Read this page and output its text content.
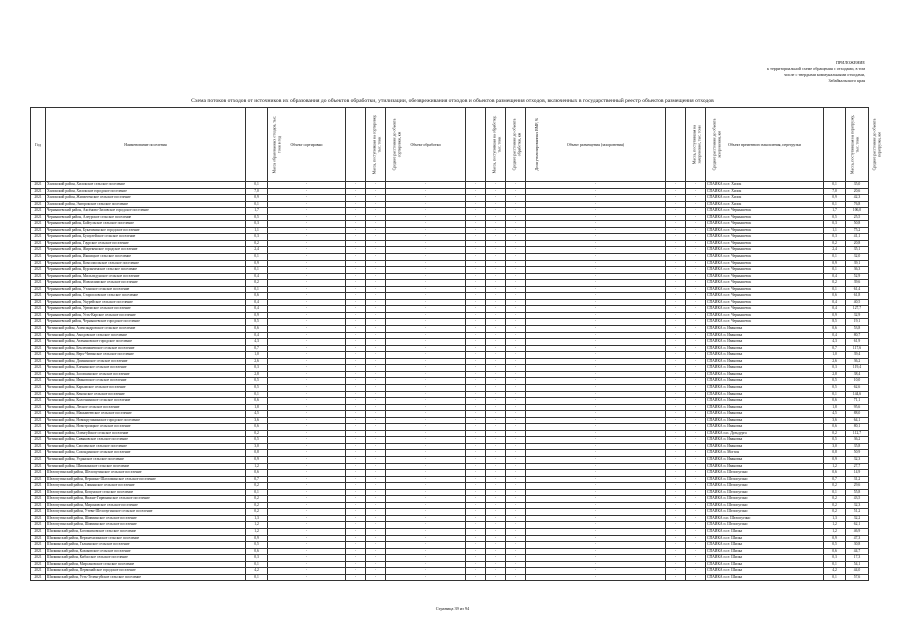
ПРИЛОЖЕНИЕ
к территориальной схеме обращения с отходами, в том
числе с твердыми коммунальными отходами,
Забайкальского края
Схема потоков отходов от источников их образования до объектов обработки, утилизации, обезвреживания отходов и объектов размещения отходов, включенных в государственный реестр объектов размещения отходов
Год	Наименование поселения	Масса образованных отходов, тыс. тонн в год	Объект сортировки	Масса, поступившая на сортировку, тыс. тонн	Среднее расстояние до объекта сортировки, км	Объект обработки	Масса, поступившая на обработку, тыс. тонн	Среднее расстояние до объекта обработки, км	Доля утилизированных ВМР, %	Объект размещения (захоронения)	Масса, поступившая на захоронение, тыс. тонн	Среднее расстояние до объекта захоронения, км	Объект временного накопления, перегрузки	Масса, поступившая на перегрузку, тыс. тонн	Среднее расстояние до объекта перегрузки, км
2021	Хилокский район, Хилокское сельское поселение	0,1	-	-	-	-	-	-	-	-	-	-	СПАЙКА п.ст. Хилок	0,1	35,0
2021	Хилокский район, Хилокское городское поселение	7,0	-	-	-	-	-	-	-	-	-	-	СПАЙКА п.ст. Хилок	7,0	20,6
2021	Хилокский район, Жипхегенское сельское поселение	0,9	-	-	-	-	-	-	-	-	-	-	СПАЙКА п.ст. Хилок	0,9	42,3
2021	Хилокский район, Энгорокское сельское поселение	0,1	-	-	-	-	-	-	-	-	-	-	СПАЙКА п.ст. Хилок	0,1	76,8
2021	Чернышевский район, Аксёново-Зиловское городское поселение	1,7	-	-	-	-	-	-	-	-	-	-	СПАЙКА п.ст. Чернышевск	1,7	106,0
2021	Чернышевский район, Алеурское сельское поселение	0,5	-	-	-	-	-	-	-	-	-	-	СПАЙКА п.ст. Чернышевск	0,5	25,5
2021	Чернышевский район, Байгульское сельское поселение	0,3	-	-	-	-	-	-	-	-	-	-	СПАЙКА п.ст. Чернышевск	0,3	50,8
2021	Чернышевский район, Букачачинское городское поселение	1,1	-	-	-	-	-	-	-	-	-	-	СПАЙКА п.ст. Чернышевск	1,1	75,2
2021	Чернышевский район, Бушулейское сельское поселение	0,3	-	-	-	-	-	-	-	-	-	-	СПАЙКА п.ст. Чернышевск	0,3	41,1
2021	Чернышевский район, Гаурское сельское поселение	0,2	-	-	-	-	-	-	-	-	-	-	СПАЙКА п.ст. Чернышевск	0,2	20,8
2021	Чернышевский район, Жирекенское городское поселение	2,4	-	-	-	-	-	-	-	-	-	-	СПАЙКА п.ст. Чернышевск	2,4	35,1
2021	Чернышевский район, Икшицкое сельское поселение	0,1	-	-	-	-	-	-	-	-	-	-	СПАЙКА п.ст. Чернышевск	0,1	32,0
2021	Чернышевский район, Комсомольское сельское поселение	0,9	-	-	-	-	-	-	-	-	-	-	СПАЙКА п.ст. Чернышевск	0,9	39,1
2021	Чернышевский район, Курлыченское сельское поселение	0,1	-	-	-	-	-	-	-	-	-	-	СПАЙКА п.ст. Чернышевск	0,1	36,3
2021	Чернышевский район, Мильгидунское сельское поселение	0,4	-	-	-	-	-	-	-	-	-	-	СПАЙКА п.ст. Чернышевск	0,4	52,9
2021	Чернышевский район, Новоилимское сельское поселение	0,2	-	-	-	-	-	-	-	-	-	-	СПАЙКА п.ст. Чернышевск	0,2	39,6
2021	Чернышевский район, Утанское сельское поселение	0,1	-	-	-	-	-	-	-	-	-	-	СПАЙКА п.ст. Чернышевск	0,1	61,4
2021	Чернышевский район, Старооловское сельское поселение	0,6	-	-	-	-	-	-	-	-	-	-	СПАЙКА п.ст. Чернышевск	0,6	61,8
2021	Чернышевский район, Укурейское сельское поселение	0,4	-	-	-	-	-	-	-	-	-	-	СПАЙКА п.ст. Чернышевск	0,4	40,5
2021	Чернышевский район, Урюмское сельское поселение	0,4	-	-	-	-	-	-	-	-	-	-	СПАЙКА п.ст. Чернышевск	0,4	127,7
2021	Чернышевский район, Усть-Карское сельское поселение	0,9	-	-	-	-	-	-	-	-	-	-	СПАЙКА п.ст. Чернышевск	0,9	32,9
2021	Чернышевский район, Чернышевское городское поселение	8,5	-	-	-	-	-	-	-	-	-	-	СПАЙКА п.ст. Чернышевск	8,5	19,1
2021	Читинский район, Александровское сельское поселение	0,6	-	-	-	-	-	-	-	-	-	-	СПАЙКА п. Ивановка	0,6	53,8
2021	Читинский район, Амодовское сельское поселение	0,4	-	-	-	-	-	-	-	-	-	-	СПАЙКА п. Ивановка	0,4	80,7
2021	Читинский район, Атамановское городское поселение	4,3	-	-	-	-	-	-	-	-	-	-	СПАЙКА п. Ивановка	4,3	61,9
2021	Читинский район, Беклемишевское сельское поселение	0,7	-	-	-	-	-	-	-	-	-	-	СПАЙКА п. Ивановка	0,7	117,6
2021	Читинский район, Верх-Читинское сельское поселение	1,0	-	-	-	-	-	-	-	-	-	-	СПАЙКА п. Ивановка	1,0	39,4
2021	Читинский район, Домнинское сельское поселение	2,6	-	-	-	-	-	-	-	-	-	-	СПАЙКА п. Ивановка	2,6	36,2
2021	Читинский район, Еленинское сельское поселение	0,3	-	-	-	-	-	-	-	-	-	-	СПАЙКА п. Ивановка	0,3	119,4
2021	Читинский район, Засопкинское сельское поселение	2,8	-	-	-	-	-	-	-	-	-	-	СПАЙКА п. Ивановка	2,8	38,4
2021	Читинский район, Ивановское сельское поселение	0,5	-	-	-	-	-	-	-	-	-	-	СПАЙКА п. Ивановка	0,5	10,0
2021	Читинский район, Карымское сельское поселение	0,5	-	-	-	-	-	-	-	-	-	-	СПАЙКА п. Ивановка	0,5	62,6
2021	Читинский район, Кенонское сельское поселение	0,1	-	-	-	-	-	-	-	-	-	-	СПАЙКА п. Ивановка	0,1	144,6
2021	Читинский район, Колочнинское сельское поселение	0,6	-	-	-	-	-	-	-	-	-	-	СПАЙКА п. Ивановка	0,6	71,1
2021	Читинский район, Лесное сельское поселение	1,8	-	-	-	-	-	-	-	-	-	-	СПАЙКА п. Ивановка	1,8	95,6
2021	Читинский район, Маккавеевское сельское поселение	4,5	-	-	-	-	-	-	-	-	-	-	СПАЙКА п. Ивановка	4,5	88,0
2021	Читинский район, Новокручининское городское поселение	3,6	-	-	-	-	-	-	-	-	-	-	СПАЙКА п. Ивановка	3,6	64,1
2021	Читинский район, Новотроицкое сельское поселение	0,6	-	-	-	-	-	-	-	-	-	-	СПАЙКА п. Ивановка	0,6	80,1
2021	Читинский район, Оленгуйское сельское поселение	0,2	-	-	-	-	-	-	-	-	-	-	СПАЙКА п.п. Дульдурга	0,2	112,7
2021	Читинский район, Сивяковское сельское поселение	0,5	-	-	-	-	-	-	-	-	-	-	СПАЙКА п. Ивановка	0,5	36,2
2021	Читинский район, Смоленское сельское поселение	3,0	-	-	-	-	-	-	-	-	-	-	СПАЙКА п. Ивановка	3,0	35,8
2021	Читинский район, Сохондинское сельское поселение	0,8	-	-	-	-	-	-	-	-	-	-	СПАЙКА п. Могзон	0,8	50,9
2021	Читинский район, Угданское сельское поселение	0,9	-	-	-	-	-	-	-	-	-	-	СПАЙКА п. Ивановка	0,9	32,3
2021	Читинский район, Шишкинское сельское поселение	1,2	-	-	-	-	-	-	-	-	-	-	СПАЙКА п. Ивановка	1,2	27,7
2021	Шелопугинский район, Шелопугинское сельское поселение	0,6	-	-	-	-	-	-	-	-	-	-	СПАЙКА п. Шелопугино	0,6	14,9
2021	Шелопугинский район, Вершино-Шахтаминское сельское поселение	0,7	-	-	-	-	-	-	-	-	-	-	СПАЙКА п. Шелопугино	0,7	31,2
2021	Шелопугинский район, Глинянское сельское поселение	0,2	-	-	-	-	-	-	-	-	-	-	СПАЙКА п. Шелопугино	0,2	29,6
2021	Шелопугинский район, Копунское сельское поселение	0,1	-	-	-	-	-	-	-	-	-	-	СПАЙКА п. Шелопугино	0,1	55,8
2021	Шелопугинский район, Нижне-Гирюнинское сельское поселение	0,2	-	-	-	-	-	-	-	-	-	-	СПАЙКА п. Шелопугино	0,2	43,5
2021	Шелопугинский район, Мироновское сельское поселение	0,2	-	-	-	-	-	-	-	-	-	-	СПАЙКА п. Шелопугино	0,2	32,3
2021	Шелопугинский район, Утеви-Шелопугинское сельское поселение	0,2	-	-	-	-	-	-	-	-	-	-	СПАЙКА п. Шелопугино	0,2	51,2
2021	Шелопугинский район, Шивиинское сельское поселение	1,3	-	-	-	-	-	-	-	-	-	-	СПАЙКА п.п. Шелопугино	1,3	32,2
2021	Шелопугинский район, Шивиинское сельское поселение	1,2	-	-	-	-	-	-	-	-	-	-	СПАЙКА п. Шелопугино	1,2	62,1
2021	Шилкинский район, Богомягковское сельское поселение	1,2	-	-	-	-	-	-	-	-	-	-	СПАЙКА п.ст. Шилка	1,2	46,9
2021	Шилкинский район, Верхнехилинское сельское поселение	0,9	-	-	-	-	-	-	-	-	-	-	СПАЙКА п.ст. Шилка	0,9	47,3
2021	Шилкинский район, Галкинское сельское поселение	0,5	-	-	-	-	-	-	-	-	-	-	СПАЙКА п.ст. Шилка	0,5	30,8
2021	Шилкинский район, Казаковское сельское поселение	0,6	-	-	-	-	-	-	-	-	-	-	СПАЙКА п.ст. Шилка	0,6	44,7
2021	Шилкинский район, Кибасское сельское поселение	0,3	-	-	-	-	-	-	-	-	-	-	СПАЙКА п.ст. Шилка	0,3	17,3
2021	Шилкинский район, Мирсановское сельское поселение	0,1	-	-	-	-	-	-	-	-	-	-	СПАЙКА п.ст. Шилка	0,1	54,1
2021	Шилкинский район, Первомайское городское поселение	4,2	-	-	-	-	-	-	-	-	-	-	СПАЙКА п.ст. Шилка	4,2	44,0
2021	Шилкинский район, Усть-Теленгуйское сельское поселение	0,1	-	-	-	-	-	-	-	-	-	-	СПАЙКА п.ст. Шилка	0,1	57,6
Страница 39 из 94
